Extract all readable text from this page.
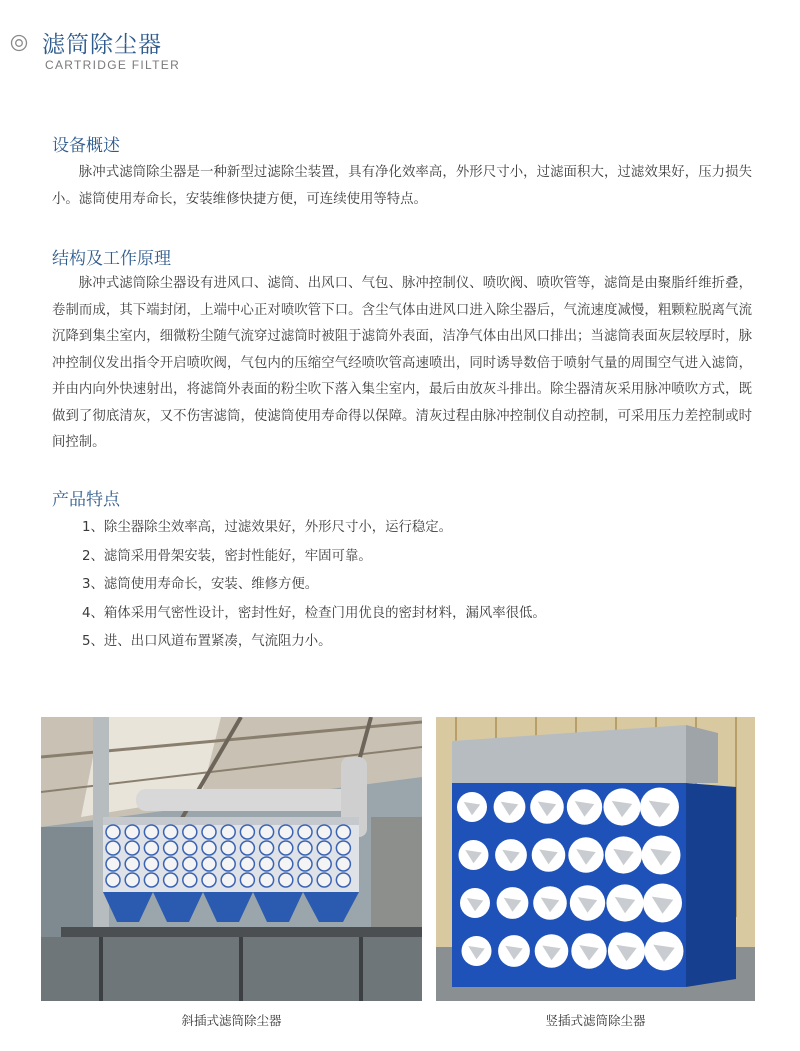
滤筒除尘器
CARTRIDGE FILTER
设备概述
脉冲式滤筒除尘器是一种新型过滤除尘装置，具有净化效率高，外形尺寸小，过滤面积大，过滤效果好，压力损失小。滤筒使用寿命长，安装维修快捷方便，可连续使用等特点。
结构及工作原理
脉冲式滤筒除尘器设有进风口、滤筒、出风口、气包、脉冲控制仪、喷吹阀、喷吹管等，滤筒是由聚脂纤维折叠，卷制而成，其下端封闭，上端中心正对喷吹管下口。含尘气体由进风口进入除尘器后，气流速度减慢，粗颗粒脱离气流沉降到集尘室内，细微粉尘随气流穿过滤筒时被阻于滤筒外表面，洁净气体由出风口排出；当滤筒表面灰层较厚时，脉冲控制仪发出指令开启喷吹阀，气包内的压缩空气经喷吹管高速喷出，同时诱导数倍于喷射气量的周围空气进入滤筒，并由内向外快速射出，将滤筒外表面的粉尘吹下落入集尘室内，最后由放灰斗排出。除尘器清灰采用脉冲喷吹方式，既做到了彻底清灰，又不伤害滤筒，使滤筒使用寿命得以保障。清灰过程由脉冲控制仪自动控制，可采用压力差控制或时间控制。
产品特点
1、除尘器除尘效率高，过滤效果好，外形尺寸小，运行稳定。
2、滤筒采用骨架安装，密封性能好，牢固可靠。
3、滤筒使用寿命长，安装、维修方便。
4、箱体采用气密性设计，密封性好，检查门用优良的密封材料，漏风率很低。
5、进、出口风道布置紧凑，气流阻力小。
斜插式滤筒除尘器	竖插式滤筒除尘器
